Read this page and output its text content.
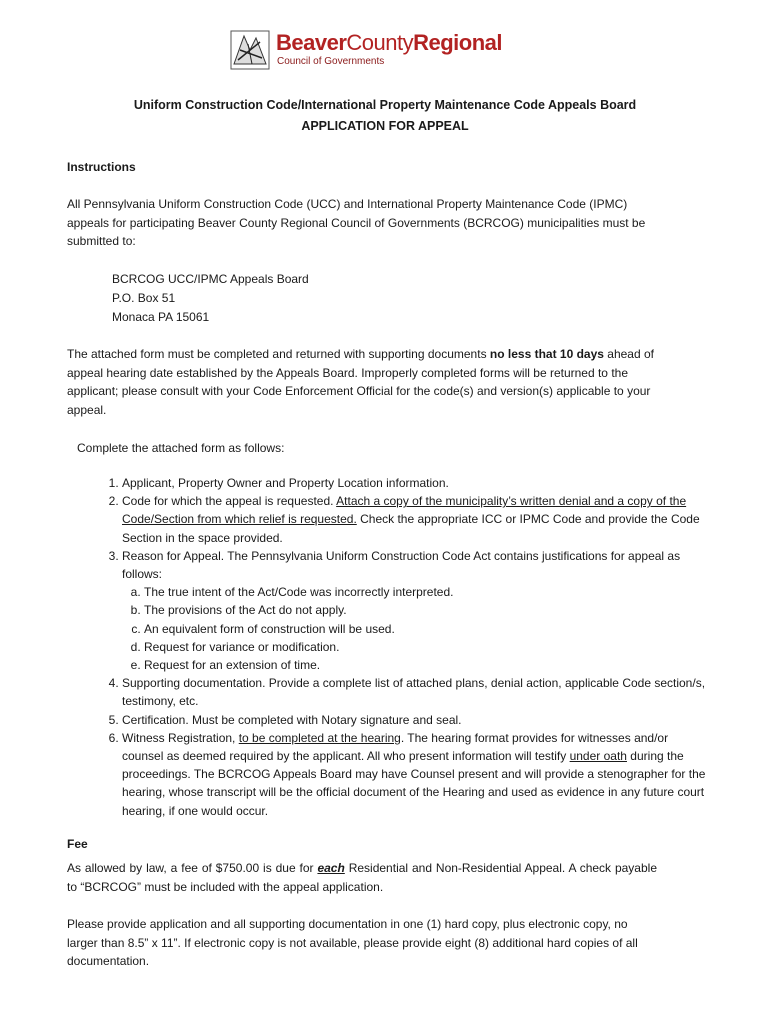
BeaverCountyRegional
Council of Governments
Uniform Construction Code/International Property Maintenance Code Appeals Board
APPLICATION FOR APPEAL
Instructions
All Pennsylvania Uniform Construction Code (UCC) and International Property Maintenance Code (IPMC) appeals for participating Beaver County Regional Council of Governments (BCRCOG) municipalities must be submitted to:
BCRCOG UCC/IPMC Appeals Board
P.O. Box 51
Monaca PA 15061
The attached form must be completed and returned with supporting documents no less that 10 days ahead of appeal hearing date established by the Appeals Board. Improperly completed forms will be returned to the applicant; please consult with your Code Enforcement Official for the code(s) and version(s) applicable to your appeal.
Complete the attached form as follows:
1. Applicant, Property Owner and Property Location information.
2. Code for which the appeal is requested. Attach a copy of the municipality’s written denial and a copy of the Code/Section from which relief is requested. Check the appropriate ICC or IPMC Code and provide the Code Section in the space provided.
3. Reason for Appeal. The Pennsylvania Uniform Construction Code Act contains justifications for appeal as follows:
a. The true intent of the Act/Code was incorrectly interpreted.
b. The provisions of the Act do not apply.
c. An equivalent form of construction will be used.
d. Request for variance or modification.
e. Request for an extension of time.
4. Supporting documentation. Provide a complete list of attached plans, denial action, applicable Code section/s, testimony, etc.
5. Certification. Must be completed with Notary signature and seal.
6. Witness Registration, to be completed at the hearing. The hearing format provides for witnesses and/or counsel as deemed required by the applicant. All who present information will testify under oath during the proceedings. The BCRCOG Appeals Board may have Counsel present and will provide a stenographer for the hearing, whose transcript will be the official document of the Hearing and used as evidence in any future court hearing, if one would occur.
Fee
As allowed by law, a fee of $750.00 is due for each Residential and Non-Residential Appeal. A check payable to “BCRCOG” must be included with the appeal application.
Please provide application and all supporting documentation in one (1) hard copy, plus electronic copy, no larger than 8.5” x 11”. If electronic copy is not available, please provide eight (8) additional hard copies of all documentation.
